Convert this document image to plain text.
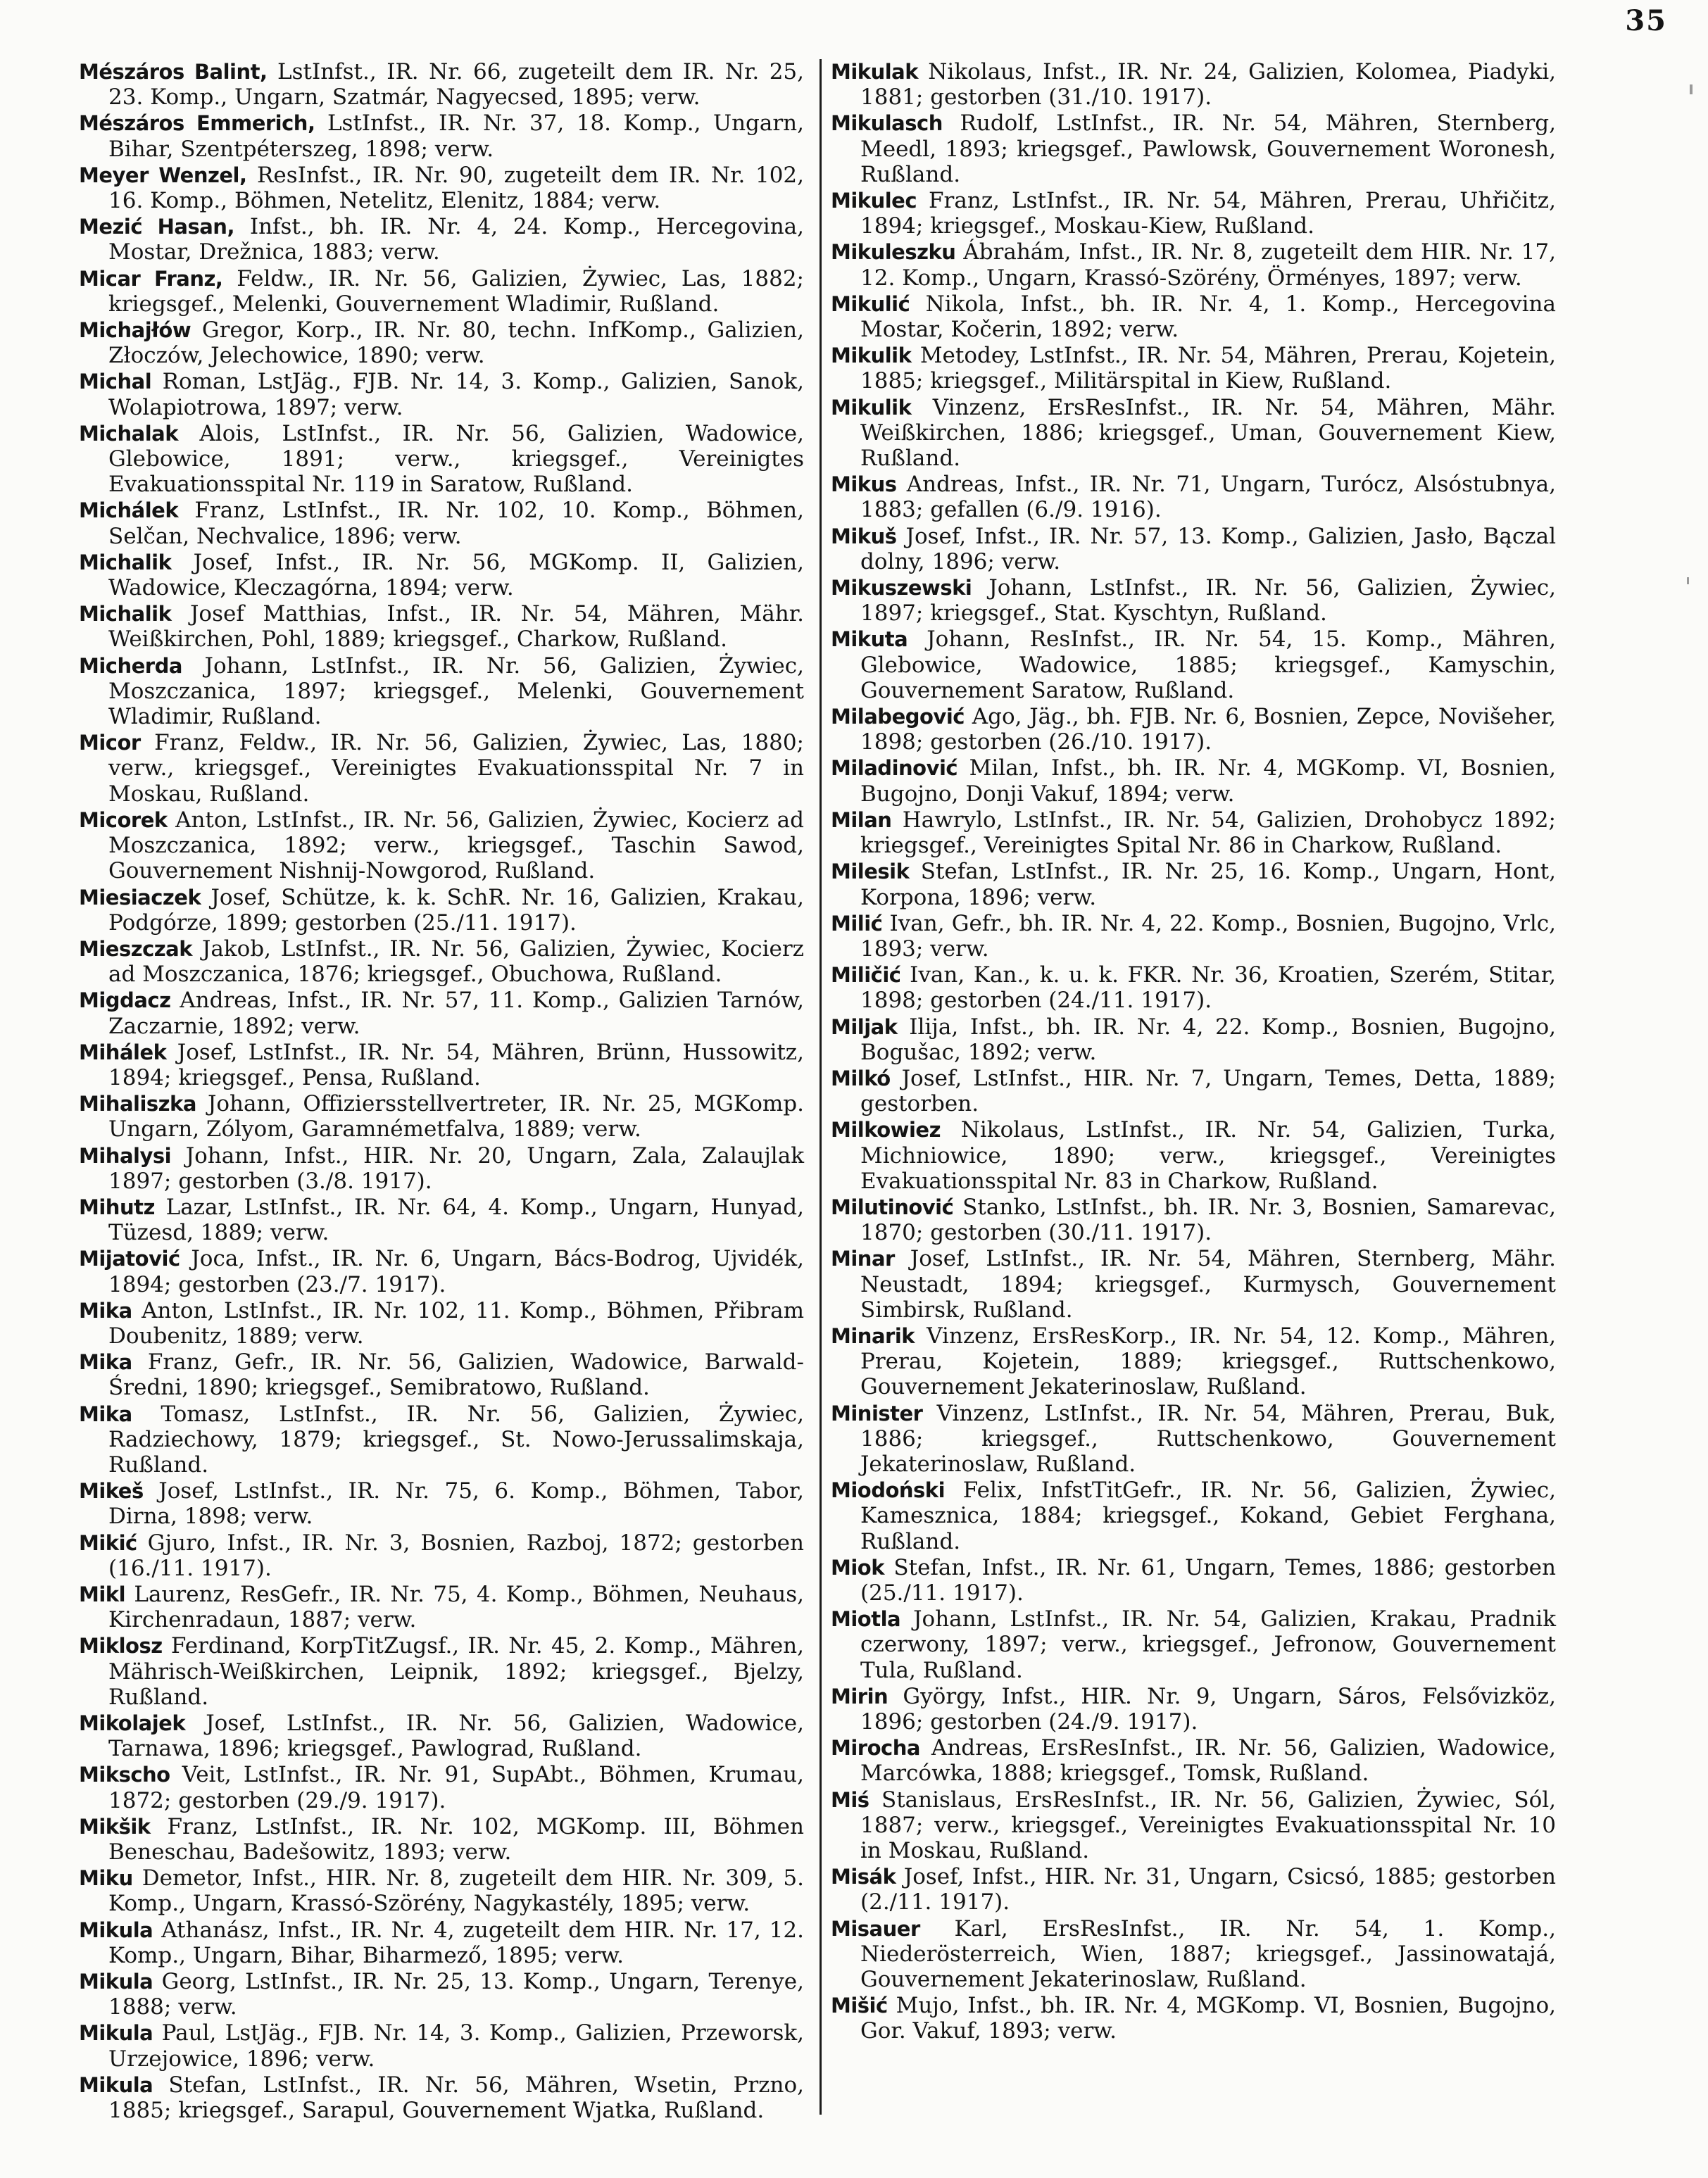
35
Mészáros Balint, LstInfst., IR. Nr. 66, zugeteilt dem IR. Nr. 25, 23. Komp., Ungarn, Szatmár, Nagyecsed, 1895; verw.
Mészáros Emmerich, LstInfst., IR. Nr. 37, 18. Komp., Ungarn, Bihar, Szentpéterszeg, 1898; verw.
Meyer Wenzel, ResInfst., IR. Nr. 90, zugeteilt dem IR. Nr. 102, 16. Komp., Böhmen, Netelitz, Elenitz, 1884; verw.
Mezić Hasan, Infst., bh. IR. Nr. 4, 24. Komp., Hercegovina, Mostar, Drežnica, 1883; verw.
Micar Franz, Feldw., IR. Nr. 56, Galizien, Żywiec, Las, 1882; kriegsgef., Melenki, Gouvernement Wladimir, Rußland.
Michajłów Gregor, Korp., IR. Nr. 80, techn. InfKomp., Galizien, Złoczów, Jelechowice, 1890; verw.
Michal Roman, LstJäg., FJB. Nr. 14, 3. Komp., Galizien, Sanok, Wolapiotrowa, 1897; verw.
Michalak Alois, LstInfst., IR. Nr. 56, Galizien, Wadowice, Glebowice, 1891; verw., kriegsgef., Vereinigtes Evakuationsspital Nr. 119 in Saratow, Rußland.
Michálek Franz, LstInfst., IR. Nr. 102, 10. Komp., Böhmen, Selčan, Nechvalice, 1896; verw.
Michalik Josef, Infst., IR. Nr. 56, MGKomp. II, Galizien, Wadowice, Kleczagórna, 1894; verw.
Michalik Josef Matthias, Infst., IR. Nr. 54, Mähren, Mähr. Weißkirchen, Pohl, 1889; kriegsgef., Charkow, Rußland.
Micherda Johann, LstInfst., IR. Nr. 56, Galizien, Żywiec, Moszczanica, 1897; kriegsgef., Melenki, Gouvernement Wladimir, Rußland.
Micor Franz, Feldw., IR. Nr. 56, Galizien, Żywiec, Las, 1880; verw., kriegsgef., Vereinigtes Evakuationsspital Nr. 7 in Moskau, Rußland.
Micorek Anton, LstInfst., IR. Nr. 56, Galizien, Żywiec, Kocierz ad Moszczanica, 1892; verw., kriegsgef., Taschin Sawod, Gouvernement Nishnij-Nowgorod, Rußland.
Miesiaczek Josef, Schütze, k. k. SchR. Nr. 16, Galizien, Krakau, Podgórze, 1899; gestorben (25./11. 1917).
Mieszczak Jakob, LstInfst., IR. Nr. 56, Galizien, Żywiec, Kocierz ad Moszczanica, 1876; kriegsgef., Obuchowa, Rußland.
Migdacz Andreas, Infst., IR. Nr. 57, 11. Komp., Galizien Tarnów, Zaczarnie, 1892; verw.
Mihálek Josef, LstInfst., IR. Nr. 54, Mähren, Brünn, Hussowitz, 1894; kriegsgef., Pensa, Rußland.
Mihaliszka Johann, Offiziersstellvertreter, IR. Nr. 25, MGKomp. Ungarn, Zólyom, Garamnémetfalva, 1889; verw.
Mihalysi Johann, Infst., HIR. Nr. 20, Ungarn, Zala, Zalaujlak 1897; gestorben (3./8. 1917).
Mihutz Lazar, LstInfst., IR. Nr. 64, 4. Komp., Ungarn, Hunyad, Tüzesd, 1889; verw.
Mijatović Joca, Infst., IR. Nr. 6, Ungarn, Bács-Bodrog, Ujvidék, 1894; gestorben (23./7. 1917).
Mika Anton, LstInfst., IR. Nr. 102, 11. Komp., Böhmen, Přibram Doubenitz, 1889; verw.
Mika Franz, Gefr., IR. Nr. 56, Galizien, Wadowice, Barwald-Średni, 1890; kriegsgef., Semibratowo, Rußland.
Mika Tomasz, LstInfst., IR. Nr. 56, Galizien, Żywiec, Radziechowy, 1879; kriegsgef., St. Nowo-Jerussalimskaja, Rußland.
Mikeš Josef, LstInfst., IR. Nr. 75, 6. Komp., Böhmen, Tabor, Dirna, 1898; verw.
Mikić Gjuro, Infst., IR. Nr. 3, Bosnien, Razboj, 1872; gestorben (16./11. 1917).
Mikl Laurenz, ResGefr., IR. Nr. 75, 4. Komp., Böhmen, Neuhaus, Kirchenradaun, 1887; verw.
Miklosz Ferdinand, KorpTitZugsf., IR. Nr. 45, 2. Komp., Mähren, Mährisch-Weißkirchen, Leipnik, 1892; kriegsgef., Bjelzy, Rußland.
Mikolajek Josef, LstInfst., IR. Nr. 56, Galizien, Wadowice, Tarnawa, 1896; kriegsgef., Pawlograd, Rußland.
Mikscho Veit, LstInfst., IR. Nr. 91, SupAbt., Böhmen, Krumau, 1872; gestorben (29./9. 1917).
Mikšik Franz, LstInfst., IR. Nr. 102, MGKomp. III, Böhmen Beneschau, Badešowitz, 1893; verw.
Miku Demetor, Infst., HIR. Nr. 8, zugeteilt dem HIR. Nr. 309, 5. Komp., Ungarn, Krassó-Szörény, Nagykastély, 1895; verw.
Mikula Athanász, Infst., IR. Nr. 4, zugeteilt dem HIR. Nr. 17, 12. Komp., Ungarn, Bihar, Biharmező, 1895; verw.
Mikula Georg, LstInfst., IR. Nr. 25, 13. Komp., Ungarn, Terenye, 1888; verw.
Mikula Paul, LstJäg., FJB. Nr. 14, 3. Komp., Galizien, Przeworsk, Urzejowice, 1896; verw.
Mikula Stefan, LstInfst., IR. Nr. 56, Mähren, Wsetin, Przno, 1885; kriegsgef., Sarapul, Gouvernement Wjatka, Rußland.
Mikulak Nikolaus, Infst., IR. Nr. 24, Galizien, Kolomea, Piadyki, 1881; gestorben (31./10. 1917).
Mikulasch Rudolf, LstInfst., IR. Nr. 54, Mähren, Sternberg, Meedl, 1893; kriegsgef., Pawlowsk, Gouvernement Woronesh, Rußland.
Mikulec Franz, LstInfst., IR. Nr. 54, Mähren, Prerau, Uhřičitz, 1894; kriegsgef., Moskau-Kiew, Rußland.
Mikuleszku Ábrahám, Infst., IR. Nr. 8, zugeteilt dem HIR. Nr. 17, 12. Komp., Ungarn, Krassó-Szörény, Örményes, 1897; verw.
Mikulić Nikola, Infst., bh. IR. Nr. 4, 1. Komp., Hercegovina Mostar, Kočerin, 1892; verw.
Mikulik Metodey, LstInfst., IR. Nr. 54, Mähren, Prerau, Kojetein, 1885; kriegsgef., Militärspital in Kiew, Rußland.
Mikulik Vinzenz, ErsResInfst., IR. Nr. 54, Mähren, Mähr. Weißkirchen, 1886; kriegsgef., Uman, Gouvernement Kiew, Rußland.
Mikus Andreas, Infst., IR. Nr. 71, Ungarn, Turócz, Alsóstubnya, 1883; gefallen (6./9. 1916).
Mikuš Josef, Infst., IR. Nr. 57, 13. Komp., Galizien, Jasło, Bączal dolny, 1896; verw.
Mikuszewski Johann, LstInfst., IR. Nr. 56, Galizien, Żywiec, 1897; kriegsgef., Stat. Kyschtyn, Rußland.
Mikuta Johann, ResInfst., IR. Nr. 54, 15. Komp., Mähren, Glebowice, Wadowice, 1885; kriegsgef., Kamyschin, Gouvernement Saratow, Rußland.
Milabegović Ago, Jäg., bh. FJB. Nr. 6, Bosnien, Zepce, Novišeher, 1898; gestorben (26./10. 1917).
Miladinović Milan, Infst., bh. IR. Nr. 4, MGKomp. VI, Bosnien, Bugojno, Donji Vakuf, 1894; verw.
Milan Hawrylo, LstInfst., IR. Nr. 54, Galizien, Drohobycz 1892; kriegsgef., Vereinigtes Spital Nr. 86 in Charkow, Rußland.
Milesik Stefan, LstInfst., IR. Nr. 25, 16. Komp., Ungarn, Hont, Korpona, 1896; verw.
Milić Ivan, Gefr., bh. IR. Nr. 4, 22. Komp., Bosnien, Bugojno, Vrlc, 1893; verw.
Miličić Ivan, Kan., k. u. k. FKR. Nr. 36, Kroatien, Szerém, Stitar, 1898; gestorben (24./11. 1917).
Miljak Ilija, Infst., bh. IR. Nr. 4, 22. Komp., Bosnien, Bugojno, Bogušac, 1892; verw.
Milkó Josef, LstInfst., HIR. Nr. 7, Ungarn, Temes, Detta, 1889; gestorben.
Milkowiez Nikolaus, LstInfst., IR. Nr. 54, Galizien, Turka, Michniowice, 1890; verw., kriegsgef., Vereinigtes Evakuationsspital Nr. 83 in Charkow, Rußland.
Milutinović Stanko, LstInfst., bh. IR. Nr. 3, Bosnien, Samarevac, 1870; gestorben (30./11. 1917).
Minar Josef, LstInfst., IR. Nr. 54, Mähren, Sternberg, Mähr. Neustadt, 1894; kriegsgef., Kurmysch, Gouvernement Simbirsk, Rußland.
Minarik Vinzenz, ErsResKorp., IR. Nr. 54, 12. Komp., Mähren, Prerau, Kojetein, 1889; kriegsgef., Ruttschenkowo, Gouvernement Jekaterinoslaw, Rußland.
Minister Vinzenz, LstInfst., IR. Nr. 54, Mähren, Prerau, Buk, 1886; kriegsgef., Ruttschenkowo, Gouvernement Jekaterinoslaw, Rußland.
Miodoński Felix, InfstTitGefr., IR. Nr. 56, Galizien, Żywiec, Kamesznica, 1884; kriegsgef., Kokand, Gebiet Ferghana, Rußland.
Miok Stefan, Infst., IR. Nr. 61, Ungarn, Temes, 1886; gestorben (25./11. 1917).
Miotla Johann, LstInfst., IR. Nr. 54, Galizien, Krakau, Pradnik czerwony, 1897; verw., kriegsgef., Jefronow, Gouvernement Tula, Rußland.
Mirin György, Infst., HIR. Nr. 9, Ungarn, Sáros, Felsővizköz, 1896; gestorben (24./9. 1917).
Mirocha Andreas, ErsResInfst., IR. Nr. 56, Galizien, Wadowice, Marcówka, 1888; kriegsgef., Tomsk, Rußland.
Miś Stanislaus, ErsResInfst., IR. Nr. 56, Galizien, Żywiec, Sól, 1887; verw., kriegsgef., Vereinigtes Evakuationsspital Nr. 10 in Moskau, Rußland.
Misák Josef, Infst., HIR. Nr. 31, Ungarn, Csicsó, 1885; gestorben (2./11. 1917).
Misauer Karl, ErsResInfst., IR. Nr. 54, 1. Komp., Niederösterreich, Wien, 1887; kriegsgef., Jassinowatajá, Gouvernement Jekaterinoslaw, Rußland.
Mišić Mujo, Infst., bh. IR. Nr. 4, MGKomp. VI, Bosnien, Bugojno, Gor. Vakuf, 1893; verw.
